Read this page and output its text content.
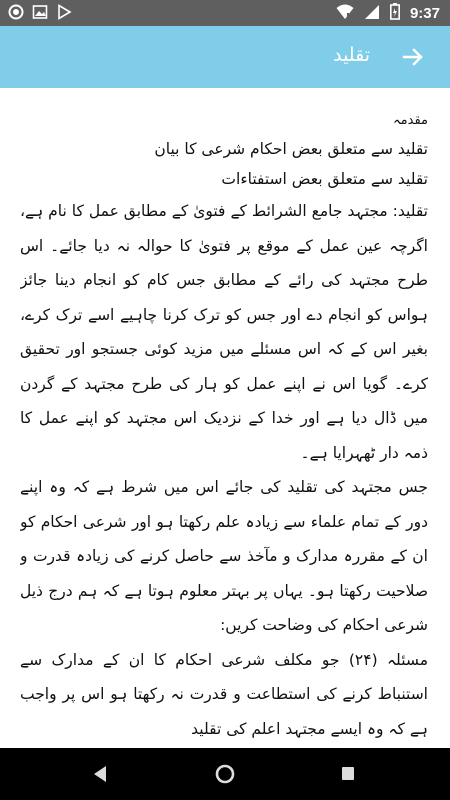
9:37
تقلید

مقدمہ

تقلید سے متعلق بعض احکام شرعی کا بیان

تقلید سے متعلق بعض استفتاءات

تقلید: مجتہد جامع الشرائط کے فتویٰ کے مطابق عمل کا نام ہے، اگرچہ عین عمل کے موقع پر فتویٰ کا حوالہ نہ دیا جائے۔ اس طرح مجتہد کی رائے کے مطابق جس کام کو انجام دینا جائز ہواس کو انجام دے اور جس کو ترک کرنا چاہیے اسے ترک کرے، بغیر اس کے کہ اس مسئلے میں مزید کوئی جستجو اور تحقیق کرے۔ گویا اس نے اپنے عمل کو ہار کی طرح مجتہد کے گردن میں ڈال دیا ہے اور خدا کے نزدیک اس مجتہد کو اپنے عمل کا ذمہ دار ٹھہرایا ہے۔

جس مجتہد کی تقلید کی جائے اس میں شرط ہے کہ وہ اپنے دور کے تمام علماء سے زیادہ علم رکھتا ہو اور شرعی احکام کو ان کے مقررہ مدارک و مآخذ سے حاصل کرنے کی زیادہ قدرت و صلاحیت رکھتا ہو۔ یہاں پر بہتر معلوم ہوتا ہے کہ ہم درج ذیل شرعی احکام کی وضاحت کریں:

مسئلہ (۲۴) جو مکلف شرعی احکام کا ان کے مدارک سے استنباط کرنے کی استطاعت و قدرت نہ رکھتا ہو اس پر واجب ہے کہ وہ ایسے مجتہد اعلم کی تقلید
